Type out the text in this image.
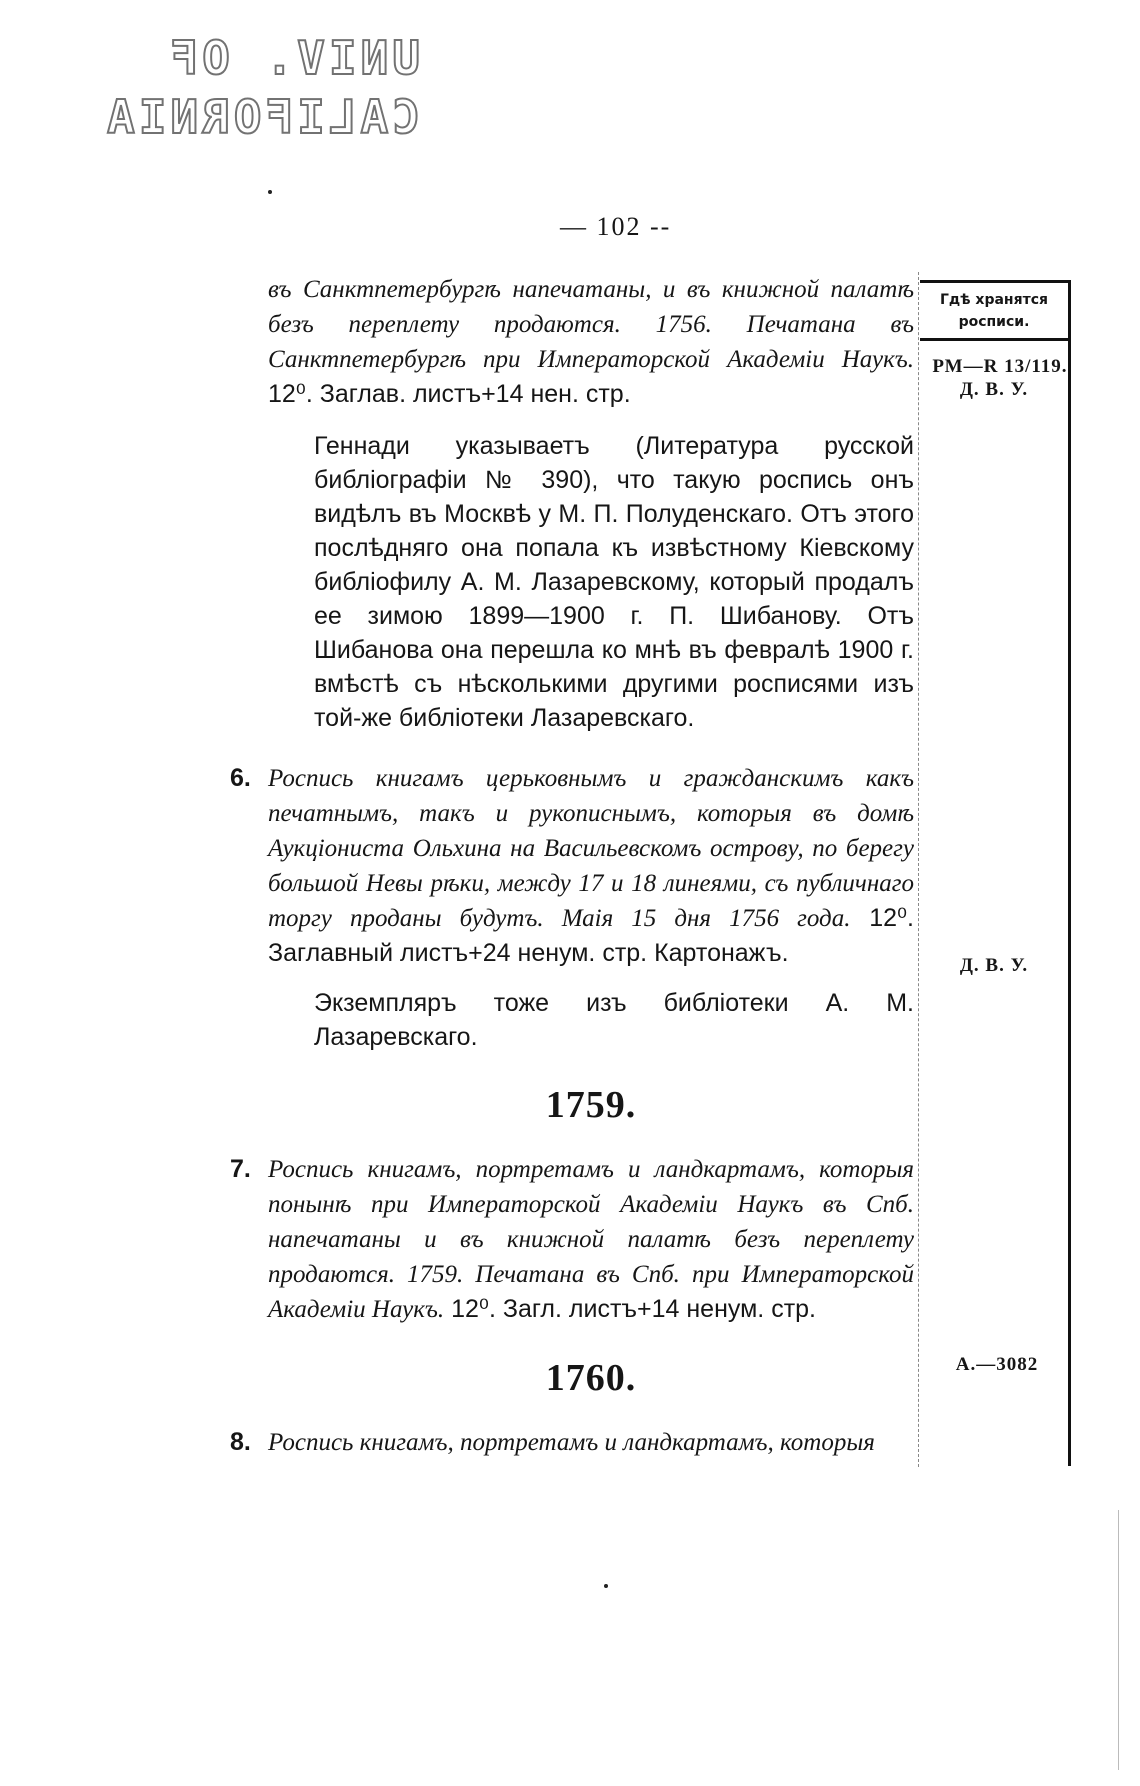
UNIV. OF
CALIFORNIA
— 102 --
Гдѣ хранятся росписи.
РМ—R 13/119.
Д. В. У.
Д. В. У.
А.—3082

въ Санктпетербургѣ напечатаны, и въ книжной палатѣ безъ переплету продаются. 1756. Печатана въ Санктпетербургѣ при Императорской Академіи Наукъ. 12⁰. Заглав. листъ+14 нен. стр.

Геннади указываетъ (Литература русской библіографіи № 390), что такую роспись онъ видѣлъ въ Москвѣ у М. П. Полуденскаго. Отъ этого послѣдняго она попала къ извѣстному Кіевскому библіофилу А. М. Лазаревскому, который продалъ ее зимою 1899—1900 г. П. Шибанову. Отъ Шибанова она перешла ко мнѣ въ февралѣ 1900 г. вмѣстѣ съ нѣсколькими другими росписями изъ той-же библіотеки Лазаревскаго.

6. Роспись книгамъ церьковнымъ и гражданскимъ какъ печатнымъ, такъ и рукописнымъ, которыя въ домѣ Аукціониста Ольхина на Васильевскомъ острову, по берегу большой Невы рѣки, между 17 и 18 линеями, съ публичнаго торгу проданы будутъ. Маія 15 дня 1756 года. 12⁰. Заглавный листъ+24 ненум. стр. Картонажъ.

Экземпляръ тоже изъ библіотеки А. М. Лазаревскаго.

1759.
7. Роспись книгамъ, портретамъ и ландкартамъ, которыя понынѣ при Императорской Академіи Наукъ въ Спб. напечатаны и въ книжной палатѣ безъ переплету продаются. 1759. Печатана въ Спб. при Императорской Академіи Наукъ. 12⁰. Загл. листъ+14 ненум. стр.
1760.
8. Роспись книгамъ, портретамъ и ландкартамъ, которыя
